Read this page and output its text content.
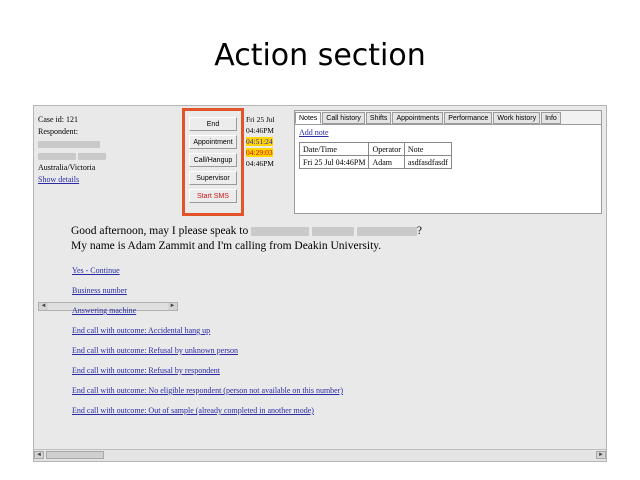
Action section
Case id: 121
Respondent:

Australia/Victoria
Show details
End
Appointment
Call/Hangup
Supervisor
Start SMS
Fri 25 Jul
04:46PM
04:51:24
04:29:03
04:46PM
Notes	Call history	Shifts	Appointments	Performance	Work history	Info
Add note
Date/Time	Operator	Note
Fri 25 Jul 04:46PM	Adam	asdfasdfasdf
◄	►
Good afternoon, may I please speak to	?
My name is Adam Zammit and I'm calling from Deakin University.
Yes - Continue
Business number
Answering machine
End call with outcome: Accidental hang up
End call with outcome: Refusal by unknown person
End call with outcome: Refusal by respondent
End call with outcome: No eligible respondent (person not available on this number)
End call with outcome: Out of sample (already completed in another mode)
◄	►
